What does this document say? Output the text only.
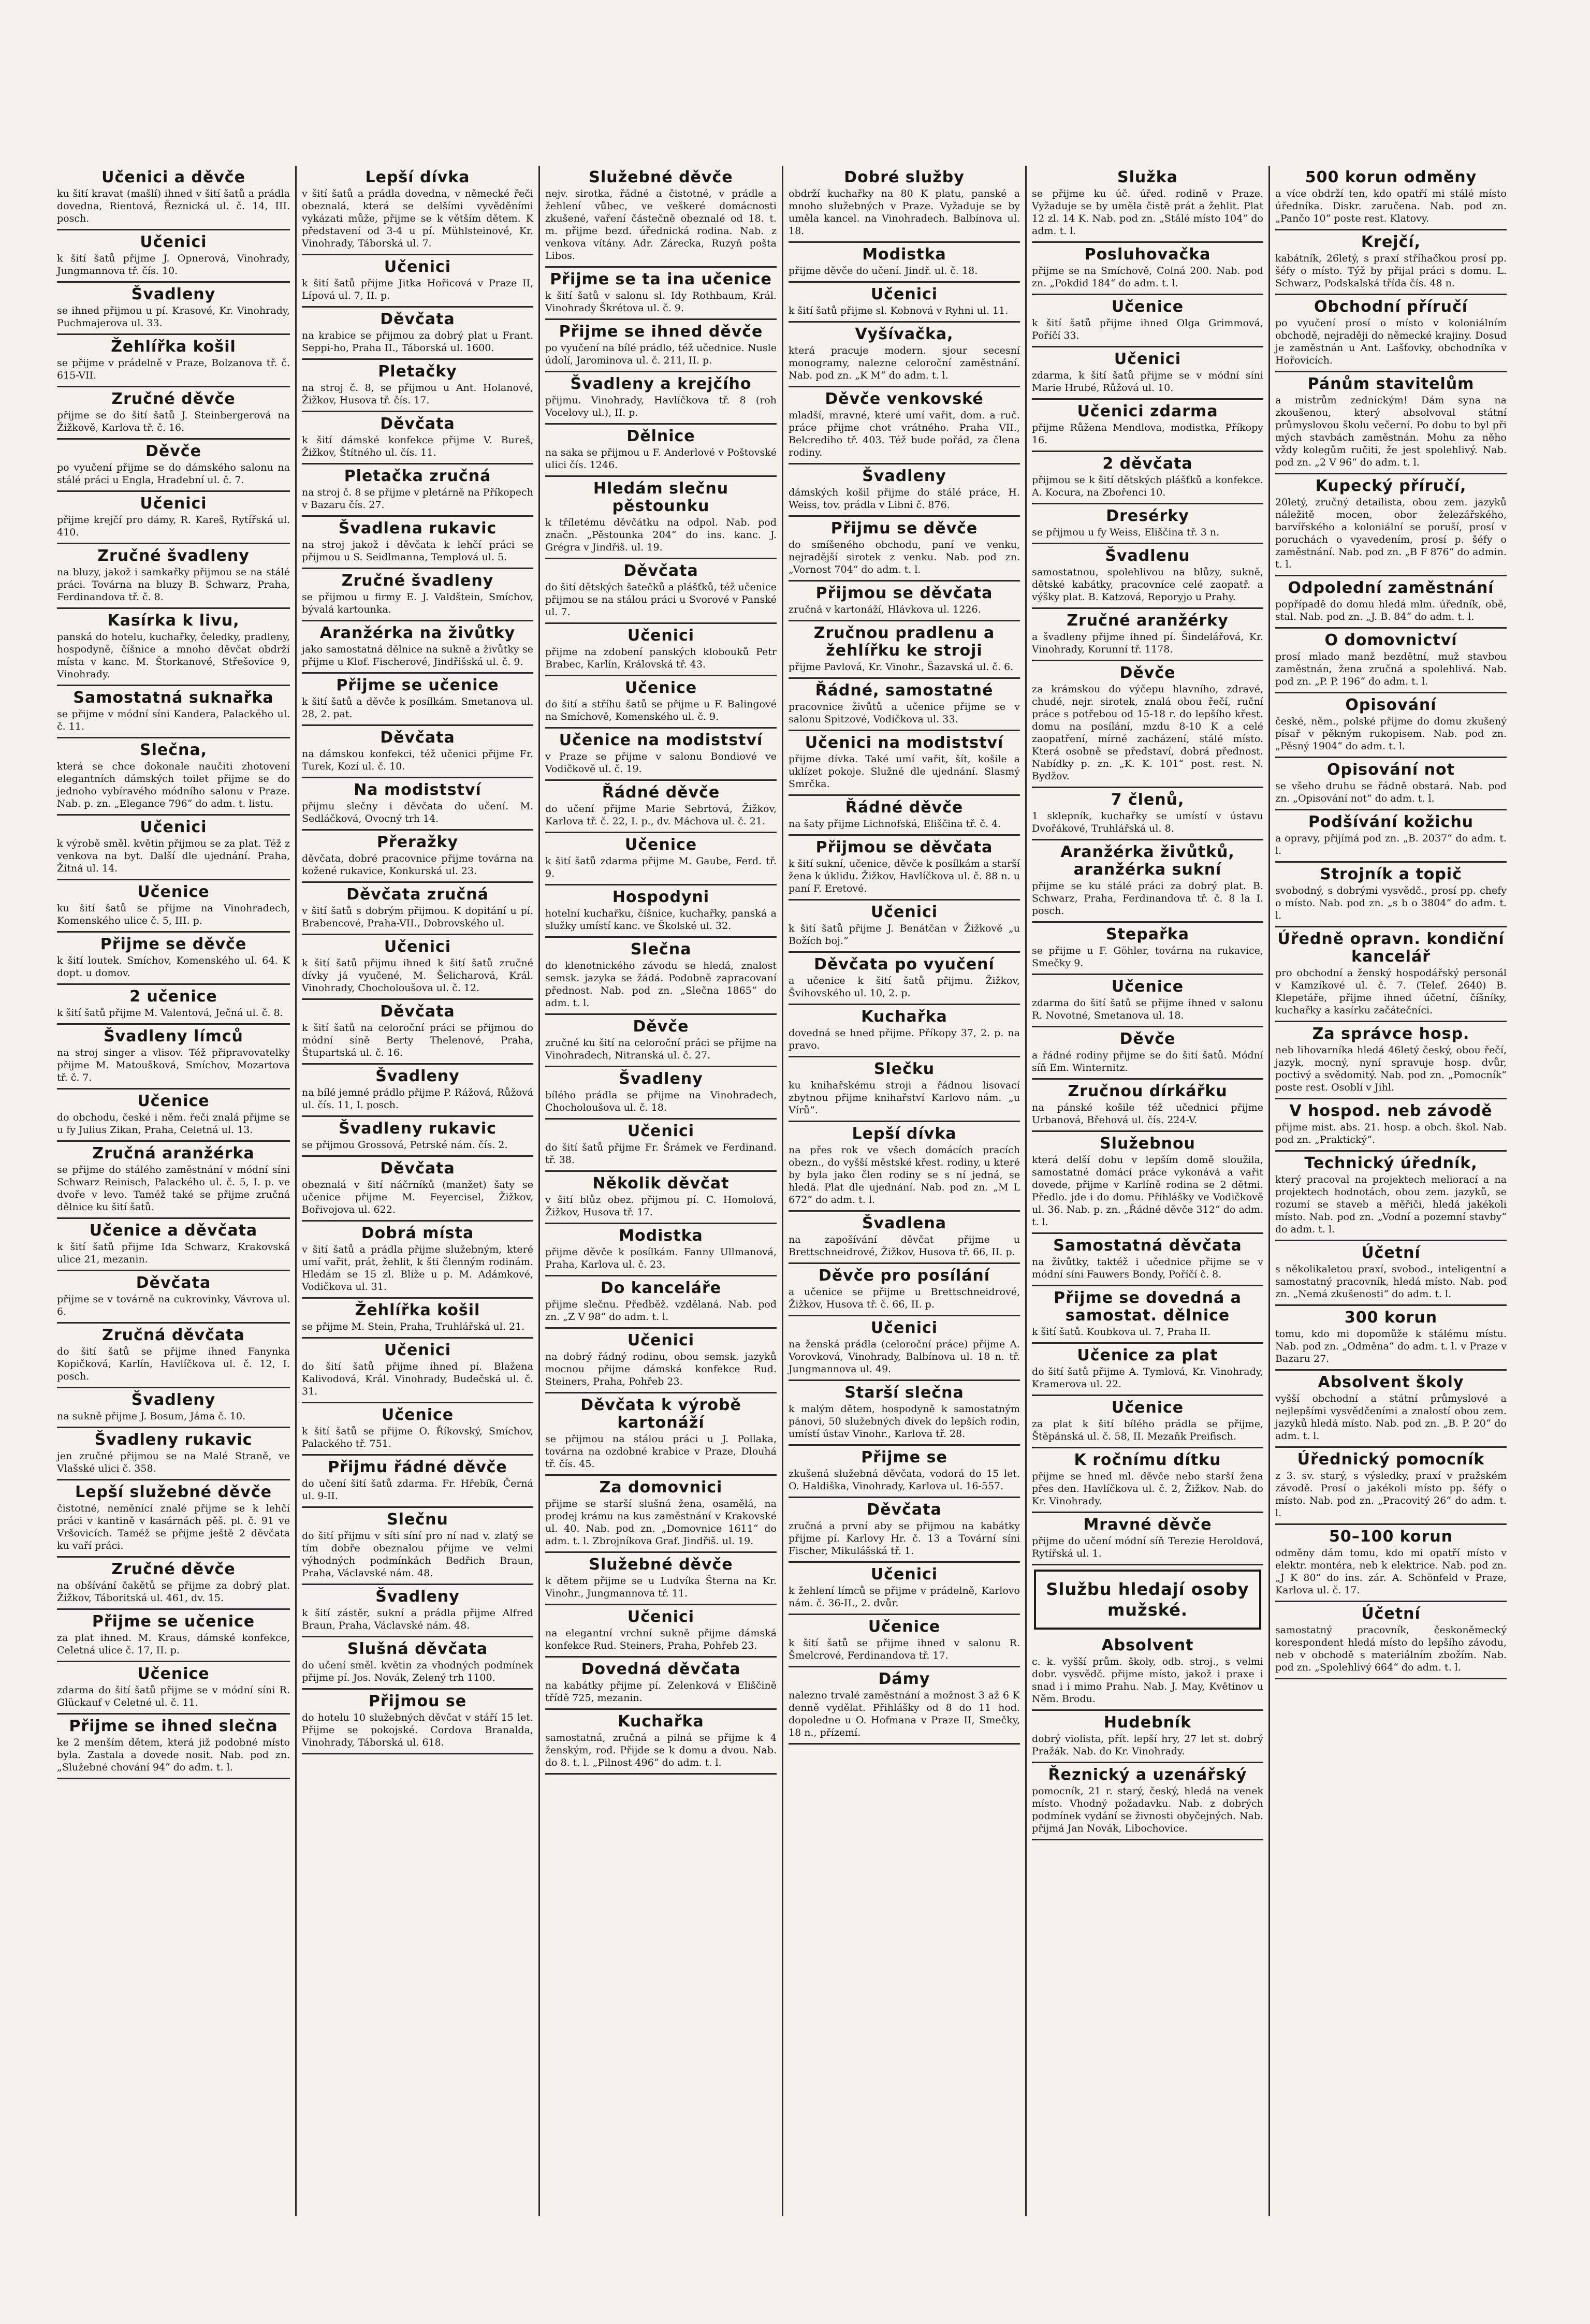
Učenici a děvče
ku šití kravat (mašlí) ihned v šití šatů a prádla dovedna, Rientová, Řeznická ul. č. 14, III. posch.
Učenici
k šití šatů přijme J. Opnerová, Vinohrady, Jungmannova tř. čís. 10.
Švadleny
se ihned přijmou u pí. Krasové, Kr. Vinohrady, Puchmajerova ul. 33.
Žehlířka košil
se přijme v prádelně v Praze, Bolzanova tř. č. 615-VII.
Zručné děvče
přijme se do šití šatů J. Steinbergerová na Žižkově, Karlova tř. č. 16.
Děvče
po vyučení přijme se do dámského salonu na stálé práci u Engla, Hradební ul. č. 7.
Učenici
přijme krejčí pro dámy, R. Kareš, Rytířská ul. 410.
Zručné švadleny
na bluzy, jakož i samkařky přijmou se na stálé práci. Továrna na bluzy B. Schwarz, Praha, Ferdinandova tř. č. 8.
Kasírka k livu,
panská do hotelu, kuchařky, čeledky, pradleny, hospodyně, číšnice a mnoho děvčat obdrží místa v kanc. M. Štorkanové, Střešovice 9, Vinohrady.
Samostatná suknařka
se přijme v módní síni Kandera, Palackého ul. č. 11.
Slečna,
která se chce dokonale naučiti zhotovení elegantních dámských toilet přijme se do jednoho vybíravého módního salonu v Praze. Nab. p. zn. „Elegance 796“ do adm. t. listu.
Učenici
k výrobě směl. květin přijmou se za plat. Též z venkova na byt. Další dle ujednání. Praha, Žitná ul. 14.
Učenice
ku šití šatů se přijme na Vinohradech, Komenského ulice č. 5, III. p.
Přijme se děvče
k šití loutek. Smíchov, Komenského ul. 64. K dopt. u domov.
2 učenice
k šití šatů přijme M. Valentová, Ječná ul. č. 8.
Švadleny límců
na stroj singer a vlisov. Též připravovatelky přijme M. Matoušková, Smíchov, Mozartova tř. č. 7.
Učenice
do obchodu, české i něm. řeči znalá přijme se u fy Julius Zikan, Praha, Celetná ul. 13.
Zručná aranžérka
se přijme do stálého zaměstnání v módní síni Schwarz Reinisch, Palackého ul. č. 5, I. p. ve dvoře v levo. Taméž také se přijme zručná dělnice ku šití šatů.
Učenice a děvčata
k šití šatů přijme Ida Schwarz, Krakovská ulice 21, mezanin.
Děvčata
přijme se v továrně na cukrovinky, Vávrova ul. 6.
Zručná děvčata
do šití šatů se přijme ihned Fanynka Kopičková, Karlín, Havlíčkova ul. č. 12, I. posch.
Švadleny
na sukně přijme J. Bosum, Jáma č. 10.
Švadleny rukavic
jen zručné přijmou se na Malé Straně, ve Vlašské ulici č. 358.
Lepší služebné děvče
čistotné, neměnící znalé přijme se k lehčí práci v kantině v kasárnách pěš. pl. č. 91 ve Vršovicích. Taméž se přijme ještě 2 děvčata ku vaří práci.
Zručné děvče
na obšívání čakětů se přijme za dobrý plat. Žižkov, Táboritská ul. 461, dv. 15.
Přijme se učenice
za plat ihned. M. Kraus, dámské konfekce, Celetná ulice č. 17, II. p.
Učenice
zdarma do šití šatů přijme se v módní síni R. Glückauf v Celetné ul. č. 11.
Přijme se ihned slečna
ke 2 menším dětem, která již podobné místo byla. Zastala a dovede nosit. Nab. pod zn. „Služebné chování 94“ do adm. t. l.
Lepší dívka
v šití šatů a prádla dovedna, v německé řeči obeznalá, která se delšími vyvěděními vykázati může, přijme se k větším dětem. K představení od 3-4 u pí. Mühlsteinové, Kr. Vinohrady, Táborská ul. 7.
Učenici
k šití šatů přijme Jitka Hořicová v Praze II, Lípová ul. 7, II. p.
Děvčata
na krabice se přijmou za dobrý plat u Frant. Seppi-ho, Praha II., Táborská ul. 1600.
Pletačky
na stroj č. 8, se přijmou u Ant. Holanové, Žižkov, Husova tř. čís. 17.
Děvčata
k šití dámské konfekce přijme V. Bureš, Žižkov, Štítného ul. čís. 11.
Pletačka zručná
na stroj č. 8 se přijme v pletárně na Příkopech v Bazaru čís. 27.
Švadlena rukavic
na stroj jakož i děvčata k lehčí práci se přijmou u S. Seidlmanna, Templová ul. 5.
Zručné švadleny
se přijmou u firmy E. J. Valdštein, Smíchov, bývalá kartounka.
Aranžérka na živůtky
jako samostatná dělnice na sukně a živůtky se přijme u Klof. Fischerové, Jindřišská ul. č. 9.
Přijme se učenice
k šití šatů a děvče k posílkám. Smetanova ul. 28, 2. pat.
Děvčata
na dámskou konfekci, též učenici přijme Fr. Turek, Kozí ul. č. 10.
Na modistství
přijmu slečny i děvčata do učení. M. Sedláčková, Ovocný trh 14.
Přeražky
děvčata, dobré pracovnice přijme továrna na kožené rukavice, Konkurská ul. 23.
Děvčata zručná
v šití šatů s dobrým přijmou. K dopitání u pí. Brabencové, Praha-VII., Dobrovského ul.
Učenici
k šití šatů přijmu ihned k šití šatů zručné dívky já vyučené, M. Šelicharová, Král. Vinohrady, Chocholoušova ul. č. 12.
Děvčata
k šití šatů na celoroční práci se přijmou do módní síně Berty Thelenové, Praha, Štupartská ul. č. 16.
Švadleny
na bílé jemné prádlo přijme P. Rážová, Růžová ul. čís. 11, I. posch.
Švadleny rukavic
se přijmou Grossová, Petrské nám. čís. 2.
Děvčata
obeznalá v šití náčrníků (manžet) šaty se učenice přijme M. Feyercisel, Žižkov, Bořivojova ul. 622.
Dobrá místa
v šití šatů a prádla přijme služebným, které umí vařit, prát, žehlit, k šti členným rodinám. Hledám se 15 zl. Blíže u p. M. Adámkové, Vodičkova ul. 31.
Žehlířka košil
se přijme M. Stein, Praha, Truhlářská ul. 21.
Učenici
do šití šatů přijme ihned pí. Blažena Kalivodová, Král. Vinohrady, Budečská ul. č. 31.
Učenice
k šití šatů se přijme O. Říkovský, Smíchov, Palackého tř. 751.
Přijmu řádné děvče
do učení šití šatů zdarma. Fr. Hřebík, Černá ul. 9-II.
Slečnu
do šití přijmu v síti síní pro ní nad v. zlatý se tím dobře obeznalou přijme ve velmi výhodných podmínkách Bedřich Braun, Praha, Václavské nám. 48.
Švadleny
k šití zástěr, sukní a prádla přijme Alfred Braun, Praha, Václavské nám. 48.
Slušná děvčata
do učení směl. květin za vhodných podmínek přijme pí. Jos. Novák, Zelený trh 1100.
Přijmou se
do hotelu 10 služebných děvčat v stáří 15 let. Přijme se pokojské. Cordova Branalda, Vinohrady, Táborská ul. 618.
Služebné děvče
nejv. sirotka, řádné a čistotné, v prádle a žehlení vůbec, ve veškeré domácnosti zkušené, vaření částečně obeznalé od 18. t. m. přijme bezd. úřednická rodina. Nab. z venkova vítány. Adr. Zárecka, Ruzyň pošta Libos.
Přijme se ta ina učenice
k šití šatů v salonu sl. Idy Rothbaum, Král. Vinohrady Škrétova ul. č. 9.
Přijme se ihned děvče
po vyučení na bílé prádlo, též učednice. Nusle údolí, Jarominova ul. č. 211, II. p.
Švadleny a krejčího
přijmu. Vinohrady, Havlíčkova tř. 8 (roh Vocelovy ul.), II. p.
Dělnice
na saka se přijmou u F. Anderlové v Poštovské ulici čís. 1246.
Hledám slečnu pěstounku
k tříletému děvčátku na odpol. Nab. pod značn. „Pěstounka 204“ do ins. kanc. J. Grégra v Jindřiš. ul. 19.
Děvčata
do šití dětských šatečků a plášťků, též učenice přijmou se na stálou práci u Svorové v Panské ul. 7.
Učenici
přijme na zdobení panských klobouků Petr Brabec, Karlín, Královská tř. 43.
Učenice
do šití a stříhu šatů se přijme u F. Balingové na Smíchově, Komenského ul. č. 9.
Učenice na modistství
v Praze se přijme v salonu Bondiové ve Vodičkově ul. č. 19.
Řádné děvče
do učení přijme Marie Sebrtová, Žižkov, Karlova tř. č. 22, I. p., dv. Máchova ul. č. 21.
Učenice
k šití šatů zdarma přijme M. Gaube, Ferd. tř. 9.
Hospodyni
hotelní kuchařku, číšnice, kuchařky, panská a služky umístí kanc. ve Školské ul. 32.
Slečna
do klenotnického závodu se hledá, znalost semsk. jazyka se žádá. Podobně zapracovaní přednost. Nab. pod zn. „Slečna 1865“ do adm. t. l.
Děvče
zručné ku šití na celoroční práci se přijme na Vinohradech, Nitranská ul. č. 27.
Švadleny
bílého prádla se přijme na Vinohradech, Chocholoušova ul. č. 18.
Učenici
do šití šatů přijme Fr. Šrámek ve Ferdinand. tř. 38.
Několik děvčat
v šití blůz obez. přijmou pí. C. Homolová, Žižkov, Husova tř. 17.
Modistka
přijme děvče k posílkám. Fanny Ullmanová, Praha, Karlova ul. č. 23.
Do kanceláře
přijme slečnu. Předběž. vzdělaná. Nab. pod zn. „Z V 98“ do adm. t. l.
Učenici
na dobrý řádný rodinu, obou semsk. jazyků mocnou přijme dámská konfekce Rud. Steiners, Praha, Pohřeb 23.
Děvčata k výrobě kartonáží
se přijmou na stálou práci u J. Pollaka, továrna na ozdobné krabice v Praze, Dlouhá tř. čís. 45.
Za domovnici
přijme se starší slušná žena, osamělá, na prodej krámu na kus zaměstnání v Krakovské ul. 40. Nab. pod zn. „Domovnice 1611“ do adm. t. l. Zbrojníkova Graf. Jindřiš. ul. 19.
Služebné děvče
k dětem přijme se u Ludvíka Šterna na Kr. Vinohr., Jungmannova tř. 11.
Učenici
na elegantní vrchní sukně přijme dámská konfekce Rud. Steiners, Praha, Pohřeb 23.
Dovedná děvčata
na kabátky přijme pí. Zelenková v Eliščině třídě 725, mezanin.
Kuchařka
samostatná, zručná a pilná se přijme k 4 ženským, rod. Přijde se k domu a dvou. Nab. do 8. t. l. „Pilnost 496“ do adm. t. l.
Dobré služby
obdrží kuchařky na 80 K platu, panské a mnoho služebných v Praze. Vyžaduje se by uměla kancel. na Vinohradech. Balbínova ul. 18.
Modistka
přijme děvče do učení. Jindř. ul. č. 18.
Učenici
k šití šatů přijme sl. Kobnová v Ryhni ul. 11.
Vyšívačka,
která pracuje modern. sjour secesní monogramy, nalezne celoroční zaměstnání. Nab. pod zn. „K M“ do adm. t. l.
Děvče venkovské
mladší, mravné, které umí vařit, dom. a ruč. práce přijme chot vrátného. Praha VII., Belcrediho tř. 403. Též bude pořád, za člena rodiny.
Švadleny
dámských košil přijme do stálé práce, H. Weiss, tov. prádla v Libni č. 876.
Přijmu se děvče
do smíšeného obchodu, paní ve venku, nejradější sirotek z venku. Nab. pod zn. „Vornost 704“ do adm. t. l.
Přijmou se děvčata
zručná v kartonáží, Hlávkova ul. 1226.
Zručnou pradlenu a žehlířku ke stroji
přijme Pavlová, Kr. Vinohr., Šazavská ul. č. 6.
Řádné, samostatné
pracovnice živůtů a učenice přijme se v salonu Spitzové, Vodičkova ul. 33.
Učenici na modistství
přijme dívka. Také umí vařit, šít, košile a uklízet pokoje. Služné dle ujednání. Slasmý Smrčka.
Řádné děvče
na šaty přijme Lichnofská, Eliščina tř. č. 4.
Přijmou se děvčata
k šití sukní, učenice, děvče k posílkám a starší žena k úklidu. Žižkov, Havlíčkova ul. č. 88 n. u paní F. Eretové.
Učenici
k šití šatů přijme J. Benátčan v Žižkově „u Božích boj.“
Děvčata po vyučení
a učenice k šití šatů přijmu. Žižkov, Švihovského ul. 10, 2. p.
Kuchařka
dovedná se hned přijme. Příkopy 37, 2. p. na pravo.
Slečku
ku knihařskému stroji a řádnou lisovací zbytnou přijme knihařství Karlovo nám. „u Vírů“.
Lepší dívka
na přes rok ve všech domácích pracích obezn., do vyšší městské křest. rodiny, u které by byla jako člen rodiny se s ní jedná, se hledá. Plat dle ujednání. Nab. pod zn. „M L 672“ do adm. t. l.
Švadlena
na zapošívání děvčat přijme u Brettschneidrové, Žižkov, Husova tř. 66, II. p.
Děvče pro posílání
a učenice se přijme u Brettschneidrové, Žižkov, Husova tř. č. 66, II. p.
Učenici
na ženská prádla (celoroční práce) přijme A. Vorovková, Vinohrady, Balbínova ul. 18 n. tř. Jungmannova ul. 49.
Starší slečna
k malým dětem, hospodyně k samostatným pánovi, 50 služebných dívek do lepších rodin, umístí ústav Vinohr., Karlova tř. 28.
Přijme se
zkušená služebná děvčata, vodorá do 15 let. O. Haldiška, Vinohrady, Karlova ul. 16-557.
Děvčata
zručná a první aby se přijmou na kabátky přijme pí. Karlovy Hr. č. 13 a Tovární síni Fischer, Mikulášská tř. 1.
Učenici
k žehlení límců se přijme v prádelně, Karlovo nám. č. 36-II., 2. dvůr.
Učenice
k šití šatů se přijme ihned v salonu R. Šmelcrové, Ferdinandova tř. 17.
Dámy
nalezno trvalé zaměstnání a možnost 3 až 6 K denně vydělat. Přihlášky od 8 do 11 hod. dopoledne u O. Hofmana v Praze II, Smečky, 18 n., přízemí.
Služka
se přijme ku úč. úřed. rodině v Praze. Vyžaduje se by uměla čistě prát a žehlit. Plat 12 zl. 14 K. Nab. pod zn. „Stálé místo 104“ do adm. t. l.
Posluhovačka
přijme se na Smíchově, Colná 200. Nab. pod zn. „Pokdid 184“ do adm. t. l.
Učenice
k šití šatů přijme ihned Olga Grimmová, Poříčí 33.
Učenici
zdarma, k šití šatů přijme se v módní síni Marie Hrubé, Růžová ul. 10.
Učenici zdarma
přijme Růžena Mendlova, modistka, Příkopy 16.
2 děvčata
přijmou se k šití dětských plášťků a konfekce. A. Kocura, na Zbořenci 10.
Dresérky
se přijmou u fy Weiss, Eliščina tř. 3 n.
Švadlenu
samostatnou, spolehlivou na blůzy, sukně, dětské kabátky, pracovníce celé zaopatř. a výšky plat. B. Katzová, Reporyjo u Prahy.
Zručné aranžérky
a švadleny přijme ihned pí. Šindelářová, Kr. Vinohrady, Korunní tř. 1178.
Děvče
za krámskou do výčepu hlavního, zdravé, chudé, nejr. sirotek, znalá obou řečí, ruční práce s potřebou od 15-18 r. do lepšího křest. domu na posílání, mzdu 8-10 K a celé zaopatření, mírné zacházení, stálé místo. Která osobně se představí, dobrá přednost. Nabídky p. zn. „K. K. 101“ post. rest. N. Bydžov.
7 členů,
1 sklepník, kuchařky se umístí v ústavu Dvořákové, Truhlářská ul. 8.
Aranžérka živůtků, aranžérka sukní
přijme se ku stálé práci za dobrý plat. B. Schwarz, Praha, Ferdinandova tř. č. 8 la I. posch.
Stepařka
se přijme u F. Göhler, továrna na rukavice, Smečky 9.
Učenice
zdarma do šití šatů se přijme ihned v salonu R. Novotné, Smetanova ul. 18.
Děvče
a řádné rodiny přijme se do šití šatů. Módní síň Em. Winternitz.
Zručnou dírkářku
na pánské košile též učednici přijme Urbanová, Břehová ul. čís. 224-V.
Služebnou
která delší dobu v lepším domě sloužila, samostatné domácí práce vykonává a vařit dovede, přijme v Karlíně rodina se 2 dětmi. Předlo. jde i do domu. Přihlášky ve Vodičkově ul. 36. Nab. p. zn. „Řádné děvče 312“ do adm. t. l.
Samostatná děvčata
na živůtky, taktéž i učednice přijme se v módní síni Fauwers Bondy, Poříčí č. 8.
Přijme se dovedná a samostat. dělnice
k šití šatů. Koubkova ul. 7, Praha II.
Učenice za plat
do šití šatů přijme A. Tymlová, Kr. Vinohrady, Kramerova ul. 22.
Učenice
za plat k šití bílého prádla se přijme, Štěpánská ul. č. 58, II. Mezaňk Preifisch.
K ročnímu dítku
přijme se hned ml. děvče nebo starší žena přes den. Havlíčkova ul. č. 2, Žižkov. Nab. do Kr. Vinohrady.
Mravné děvče
přijme do učení módní síň Terezie Heroldová, Rytířská ul. 1.
Službu hledají osoby mužské.
Absolvent
c. k. vyšší prům. školy, odb. stroj., s velmi dobr. vysvědč. přijme místo, jakož i praxe i snad i i mimo Prahu. Nab. J. May, Květinov u Něm. Brodu.
Hudebník
dobrý violista, přít. lepší hry, 27 let st. dobrý Pražák. Nab. do Kr. Vinohrady.
Řeznický a uzenářský
pomocník, 21 r. starý, český, hledá na venek místo. Vhodný požadavku. Nab. z dobrých podmínek vydání se živnosti obyčejných. Nab. přijmá Jan Novák, Libochovice.
500 korun odměny
a více obdrží ten, kdo opatří mi stálé místo úředníka. Diskr. zaručena. Nab. pod zn. „Pančo 10“ poste rest. Klatovy.
Krejčí,
kabátník, 26letý, s praxí stříhačkou prosí pp. šéfy o místo. Týž by přijal práci s domu. L. Schwarz, Podskalská třída čís. 48 n.
Obchodní příručí
po vyučení prosí o místo v koloniálním obchodě, nejraději do německé krajiny. Dosud je zaměstnán u Ant. Lašťovky, obchodníka v Hořovicích.
Pánům stavitelům
a mistrům zednickým! Dám syna na zkoušenou, který absolvoval státní průmyslovou školu večerní. Po dobu to byl při mých stavbách zaměstnán. Mohu za něho vždy kolegům ručiti, že jest spolehlivý. Nab. pod zn. „2 V 96“ do adm. t. l.
Kupecký příručí,
20letý, zručný detailista, obou zem. jazyků náležitě mocen, obor železářského, barvířského a koloniální se poruší, prosí v poruchách o vyavedením, prosí p. šéfy o zaměstnání. Nab. pod zn. „B F 876“ do admin. t. l.
Odpolední zaměstnání
popřípadě do domu hledá mlm. úředník, obě, stal. Nab. pod zn. „J. B. 84“ do adm. t. l.
O domovnictví
prosí mlado manž bezdětní, muž stavbou zaměstnán, žena zručná a spolehlivá. Nab. pod zn. „P. P. 196“ do adm. t. l.
Opisování
české, něm., polské přijme do domu zkušený písař v pěkným rukopisem. Nab. pod zn. „Pěsný 1904“ do adm. t. l.
Opisování not
se všeho druhu se řádně obstará. Nab. pod zn. „Opisování not“ do adm. t. l.
Podšívání kožichu
a opravy, přijímá pod zn. „B. 2037“ do adm. t. l.
Strojník a topič
svobodný, s dobrými vysvědč., prosí pp. chefy o místo. Nab. pod zn. „s b o 3804“ do adm. t. l.
Úředně opravn. kondiční kancelář
pro obchodní a ženský hospodářský personál v Kamzíkové ul. č. 7. (Telef. 2640) B. Klepetáře, přijme ihned účetní, číšníky, kuchařky a kasírku začátečníci.
Za správce hosp.
neb lihovarníka hledá 46letý český, obou řečí, jazyk, mocný, nyní spravuje hosp. dvůr, poctivý a svědomitý. Nab. pod zn. „Pomocník“ poste rest. Osoblí v Jihl.
V hospod. neb závodě
přijme mist. abs. 21. hosp. a obch. škol. Nab. pod zn. „Praktický“.
Technický úředník,
který pracoval na projektech meliorací a na projektech hodnotách, obou zem. jazyků, se rozumí se staveb a měřiči, hledá jakékoli místo. Nab. pod zn. „Vodní a pozemní stavby“ do adm. t. l.
Účetní
s několikaletou praxí, svobod., inteligentní a samostatný pracovník, hledá místo. Nab. pod zn. „Nemá zkušenosti“ do adm. t. l.
300 korun
tomu, kdo mi dopomůže k stálému místu. Nab. pod zn. „Odměna“ do adm. t. l. v Praze v Bazaru 27.
Absolvent školy
vyšší obchodní a státní průmyslové a nejlepšími vysvědčeními a znalostí obou zem. jazyků hledá místo. Nab. pod zn. „B. P. 20“ do adm. t. l.
Úřednický pomocník
z 3. sv. starý, s výsledky, praxí v pražském závodě. Prosí o jakékoli místo pp. šéfy o místo. Nab. pod zn. „Pracovitý 26“ do adm. t. l.
50–100 korun
odměny dám tomu, kdo mi opatří místo v elektr. montéra, neb k elektrice. Nab. pod zn. „J K 80“ do ins. zár. A. Schönfeld v Praze, Karlova ul. č. 17.
Účetní
samostatný pracovník, českoněmecký korespondent hledá místo do lepšího závodu, neb v obchodě s materiálním zbožím. Nab. pod zn. „Spolehlivý 664“ do adm. t. l.
